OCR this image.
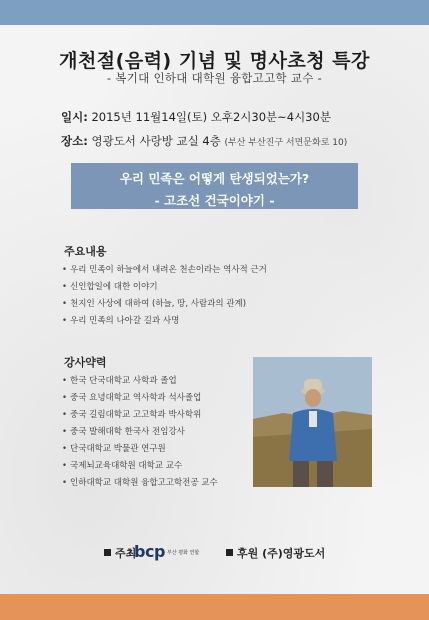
개천절(음력) 기념 및 명사초청 특강
- 복기대 인하대 대학원 융합고고학 교수 -
일시: 2015년 11월14일(토) 오후2시30분~4시30분
장소: 영광도서 사랑방 교실 4층 (부산 부산진구 서면문화로 10)
우리 민족은 어떻게 탄생되었는가?
- 고조선 건국이야기 -
주요내용
• 우리 민족이 하늘에서 내려온 천손이라는 역사적 근거
• 신인합일에 대한 이야기
• 천지인 사상에 대하여 (하늘, 땅, 사람과의 관계)
• 우리 민족의 나아갈 길과 사명
강사약력
• 한국 단국대학교 사학과 졸업
• 중국 요녕대학교 역사학과 석사졸업
• 중국 길림대학교 고고학과 박사학위
• 중국 발해대학 한국사 전임강사
• 단국대학교 박물관 연구원
• 국제뇌교육대학원 대학교 교수
• 인하대학교 대학원 융합고고학전공 교수
주최
bcp 부산 평화 연합	후원 (주)영광도서
